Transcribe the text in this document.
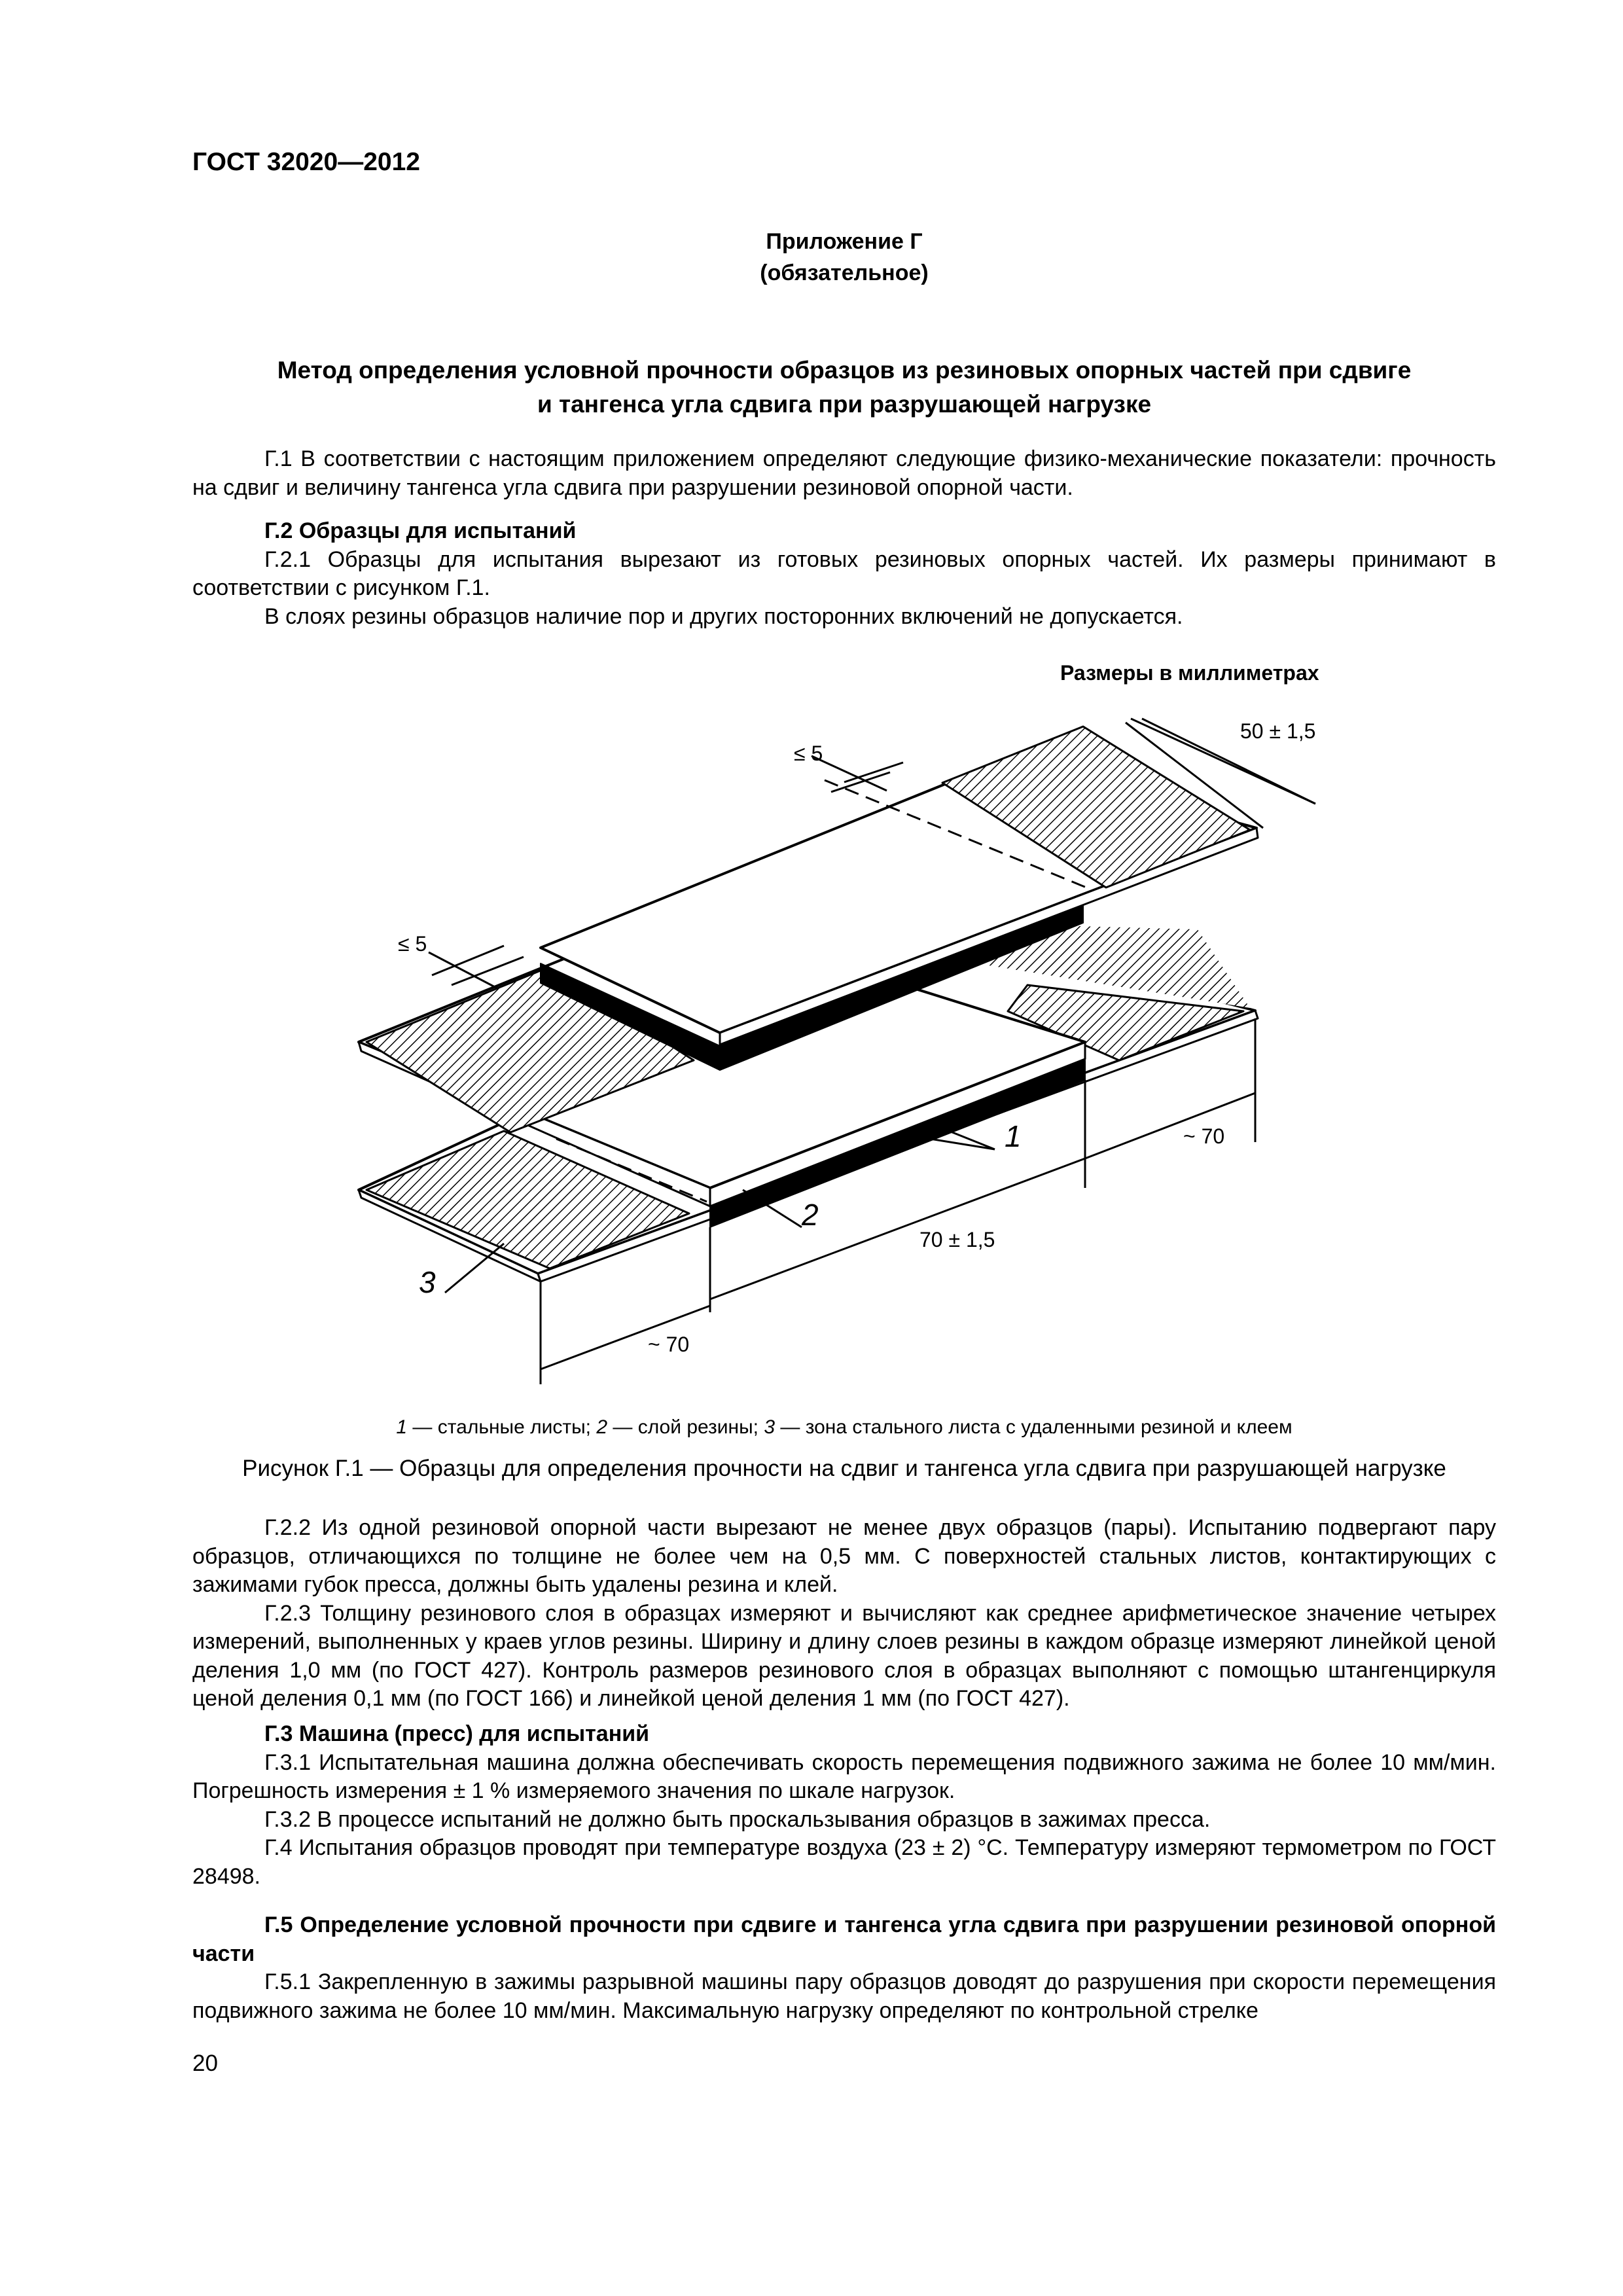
ГОСТ 32020—2012
Приложение Г
(обязательное)
Метод определения условной прочности образцов из резиновых опорных частей при сдвиге
и тангенса угла сдвига при разрушающей нагрузке

Г.1 В соответствии с настоящим приложением определяют следующие физико-механические показатели: прочность на сдвиг и величину тангенса угла сдвига при разрушении резиновой опорной части.

Г.2 Образцы для испытаний

Г.2.1 Образцы для испытания вырезают из готовых резиновых опорных частей. Их размеры принимают в соответствии с рисунком Г.1.

В слоях резины образцов наличие пор и других посторонних включений не допускается.

Размеры в миллиметрах
≤ 5
≤ 5
50 ± 1,5
~ 70
70 ± 1,5
~ 70
1
2
3
1 — стальные листы; 2 — слой резины; 3 — зона стального листа с удаленными резиной и клеем
Рисунок Г.1 — Образцы для определения прочности на сдвиг и тангенса угла сдвига при разрушающей нагрузке

Г.2.2 Из одной резиновой опорной части вырезают не менее двух образцов (пары). Испытанию подвергают пару образцов, отличающихся по толщине не более чем на 0,5 мм. С поверхностей стальных листов, контактирующих с зажимами губок пресса, должны быть удалены резина и клей.

Г.2.3 Толщину резинового слоя в образцах измеряют и вычисляют как среднее арифметическое значение четырех измерений, выполненных у краев углов резины. Ширину и длину слоев резины в каждом образце измеряют линейкой ценой деления 1,0 мм (по ГОСТ 427). Контроль размеров резинового слоя в образцах выполняют с помощью штангенциркуля ценой деления 0,1 мм (по ГОСТ 166) и линейкой ценой деления 1 мм (по ГОСТ 427).

Г.3 Машина (пресс) для испытаний

Г.3.1 Испытательная машина должна обеспечивать скорость перемещения подвижного зажима не более 10 мм/мин. Погрешность измерения ± 1 % измеряемого значения по шкале нагрузок.

Г.3.2 В процессе испытаний не должно быть проскальзывания образцов в зажимах пресса.

Г.4 Испытания образцов проводят при температуре воздуха (23 ± 2) °С. Температуру измеряют термометром по ГОСТ 28498.

Г.5 Определение условной прочности при сдвиге и тангенса угла сдвига при разрушении резиновой опорной части

Г.5.1 Закрепленную в зажимы разрывной машины пару образцов доводят до разрушения при скорости перемещения подвижного зажима не более 10 мм/мин. Максимальную нагрузку определяют по контрольной стрелке

20
